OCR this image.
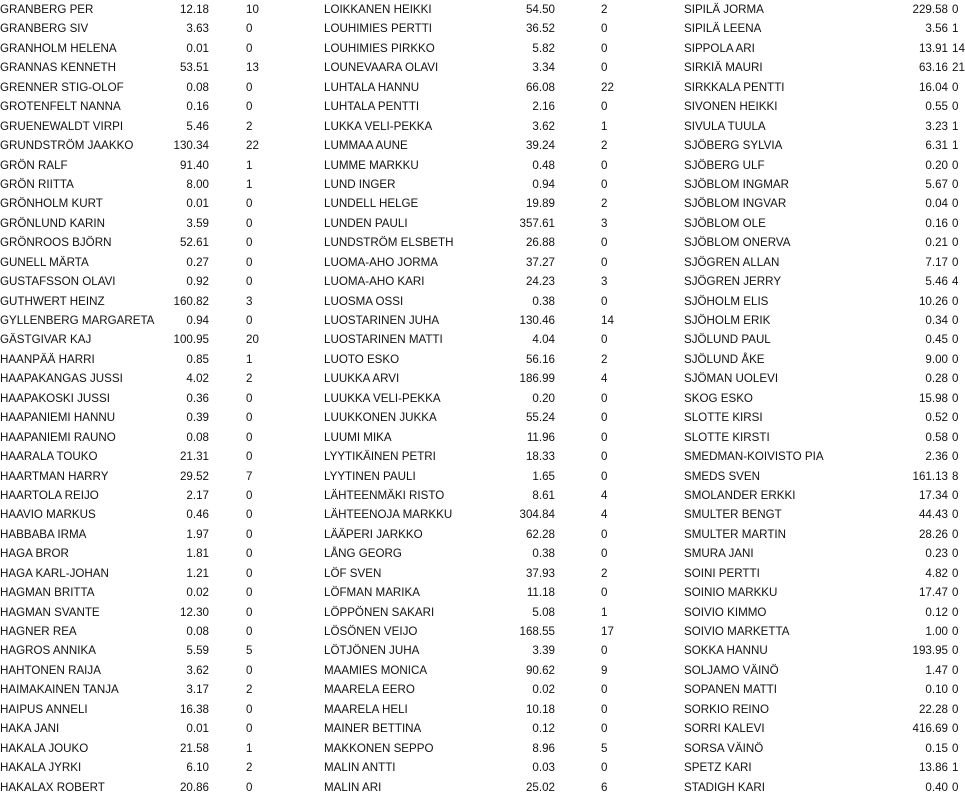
GRANBERG PER	12.18	10
GRANBERG SIV	3.63	0
GRANHOLM HELENA	0.01	0
GRANNAS KENNETH	53.51	13
GRENNER STIG-OLOF	0.08	0
GROTENFELT NANNA	0.16	0
GRUENEWALDT VIRPI	5.46	2
GRUNDSTRÖM JAAKKO	130.34	22
GRÖN RALF	91.40	1
GRÖN RIITTA	8.00	1
GRÖNHOLM KURT	0.01	0
GRÖNLUND KARIN	3.59	0
GRÖNROOS BJÖRN	52.61	0
GUNELL MÄRTA	0.27	0
GUSTAFSSON OLAVI	0.92	0
GUTHWERT HEINZ	160.82	3
GYLLENBERG MARGARETA	0.94	0
GÄSTGIVAR KAJ	100.95	20
HAANPÄÄ HARRI	0.85	1
HAAPAKANGAS JUSSI	4.02	2
HAAPAKOSKI JUSSI	0.36	0
HAAPANIEMI HANNU	0.39	0
HAAPANIEMI RAUNO	0.08	0
HAARALA TOUKO	21.31	0
HAARTMAN HARRY	29.52	7
HAARTOLA REIJO	2.17	0
HAAVIO MARKUS	0.46	0
HABBABA IRMA	1.97	0
HAGA BROR	1.81	0
HAGA KARL-JOHAN	1.21	0
HAGMAN BRITTA	0.02	0
HAGMAN SVANTE	12.30	0
HAGNER REA	0.08	0
HAGROS ANNIKA	5.59	5
HAHTONEN RAIJA	3.62	0
HAIMAKAINEN TANJA	3.17	2
HAIPUS ANNELI	16.38	0
HAKA JANI	0.01	0
HAKALA JOUKO	21.58	1
HAKALA JYRKI	6.10	2
HAKALAX ROBERT	20.86	0
LOIKKANEN HEIKKI	54.50	2
LOUHIMIES PERTTI	36.52	0
LOUHIMIES PIRKKO	5.82	0
LOUNEVAARA OLAVI	3.34	0
LUHTALA HANNU	66.08	22
LUHTALA PENTTI	2.16	0
LUKKA VELI-PEKKA	3.62	1
LUMMAA AUNE	39.24	2
LUMME MARKKU	0.48	0
LUND INGER	0.94	0
LUNDELL HELGE	19.89	2
LUNDEN PAULI	357.61	3
LUNDSTRÖM ELSBETH	26.88	0
LUOMA-AHO JORMA	37.27	0
LUOMA-AHO KARI	24.23	3
LUOSMA OSSI	0.38	0
LUOSTARINEN JUHA	130.46	14
LUOSTARINEN MATTI	4.04	0
LUOTO ESKO	56.16	2
LUUKKA ARVI	186.99	4
LUUKKA VELI-PEKKA	0.20	0
LUUKKONEN JUKKA	55.24	0
LUUMI MIKA	11.96	0
LYYTIKÄINEN PETRI	18.33	0
LYYTINEN PAULI	1.65	0
LÄHTEENMÄKI RISTO	8.61	4
LÄHTEENOJA MARKKU	304.84	4
LÄÄPERI JARKKO	62.28	0
LÅNG GEORG	0.38	0
LÖF SVEN	37.93	2
LÖFMAN MARIKA	11.18	0
LÖPPÖNEN SAKARI	5.08	1
LÖSÖNEN VEIJO	168.55	17
LÖTJÖNEN JUHA	3.39	0
MAAMIES MONICA	90.62	9
MAARELA EERO	0.02	0
MAARELA HELI	10.18	0
MAINER BETTINA	0.12	0
MAKKONEN SEPPO	8.96	5
MALIN ANTTI	0.03	0
MALIN ARI	25.02	6
SIPILÄ JORMA	229.58 0
SIPILÄ LEENA	3.56 1
SIPPOLA ARI	13.91 14
SIRKIÄ MAURI	63.16 21
SIRKKALA PENTTI	16.04 0
SIVONEN HEIKKI	0.55 0
SIVULA TUULA	3.23 1
SJÖBERG SYLVIA	6.31 1
SJÖBERG ULF	0.20 0
SJÖBLOM INGMAR	5.67 0
SJÖBLOM INGVAR	0.04 0
SJÖBLOM OLE	0.16 0
SJÖBLOM ONERVA	0.21 0
SJÖGREN ALLAN	7.17 0
SJÖGREN JERRY	5.46 4
SJÖHOLM ELIS	10.26 0
SJÖHOLM ERIK	0.34 0
SJÖLUND PAUL	0.45 0
SJÖLUND ÅKE	9.00 0
SJÖMAN UOLEVI	0.28 0
SKOG ESKO	15.98 0
SLOTTE KIRSI	0.52 0
SLOTTE KIRSTI	0.58 0
SMEDMAN-KOIVISTO PIA	2.36 0
SMEDS SVEN	161.13 8
SMOLANDER ERKKI	17.34 0
SMULTER BENGT	44.43 0
SMULTER MARTIN	28.26 0
SMURA JANI	0.23 0
SOINI PERTTI	4.82 0
SOINIO MARKKU	17.47 0
SOIVIO KIMMO	0.12 0
SOIVIO MARKETTA	1.00 0
SOKKA HANNU	193.95 0
SOLJAMO VÄINÖ	1.47 0
SOPANEN MATTI	0.10 0
SORKIO REINO	22.28 0
SORRI KALEVI	416.69 0
SORSA VÄINÖ	0.15 0
SPETZ KARI	13.86 1
STADIGH KARI	0.40 0
